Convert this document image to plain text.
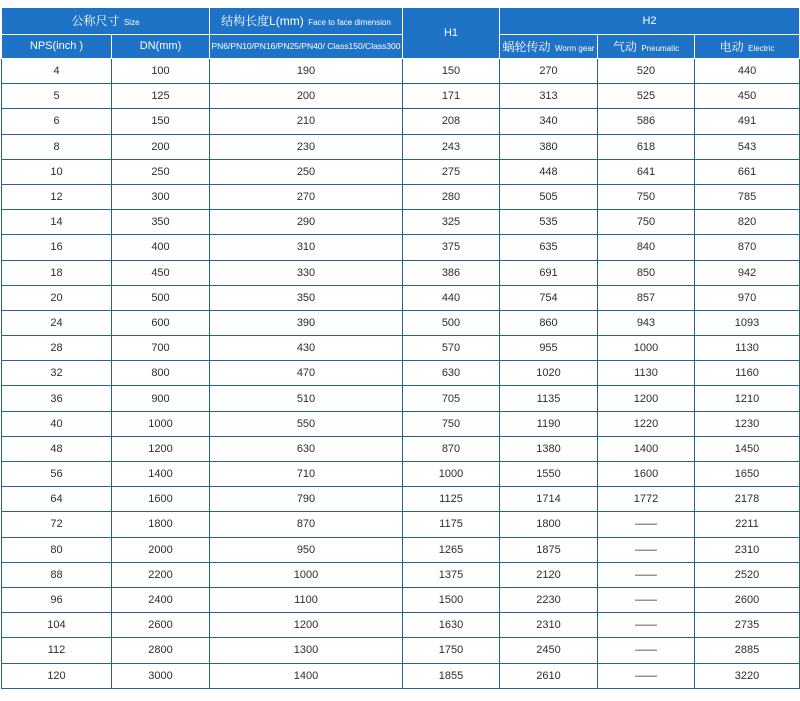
公称尺寸 Size		结构长度L(mm) Face to face dimension	H1	H2		
NPS(inch )	DN(mm)	PN6/PN10/PN16/PN25/PN40/ Class150/Class300		蜗轮传动 Worm gear	气动 Pneumatic	电动 Electric
4	100	190	150	270	520	440
5	125	200	171	313	525	450
6	150	210	208	340	586	491
8	200	230	243	380	618	543
10	250	250	275	448	641	661
12	300	270	280	505	750	785
14	350	290	325	535	750	820
16	400	310	375	635	840	870
18	450	330	386	691	850	942
20	500	350	440	754	857	970
24	600	390	500	860	943	1093
28	700	430	570	955	1000	1130
32	800	470	630	1020	1130	1160
36	900	510	705	1135	1200	1210
40	1000	550	750	1190	1220	1230
48	1200	630	870	1380	1400	1450
56	1400	710	1000	1550	1600	1650
64	1600	790	1125	1714	1772	2178
72	1800	870	1175	1800	——	2211
80	2000	950	1265	1875	——	2310
88	2200	1000	1375	2120	——	2520
96	2400	1100	1500	2230	——	2600
104	2600	1200	1630	2310	——	2735
112	2800	1300	1750	2450	——	2885
120	3000	1400	1855	2610	——	3220
